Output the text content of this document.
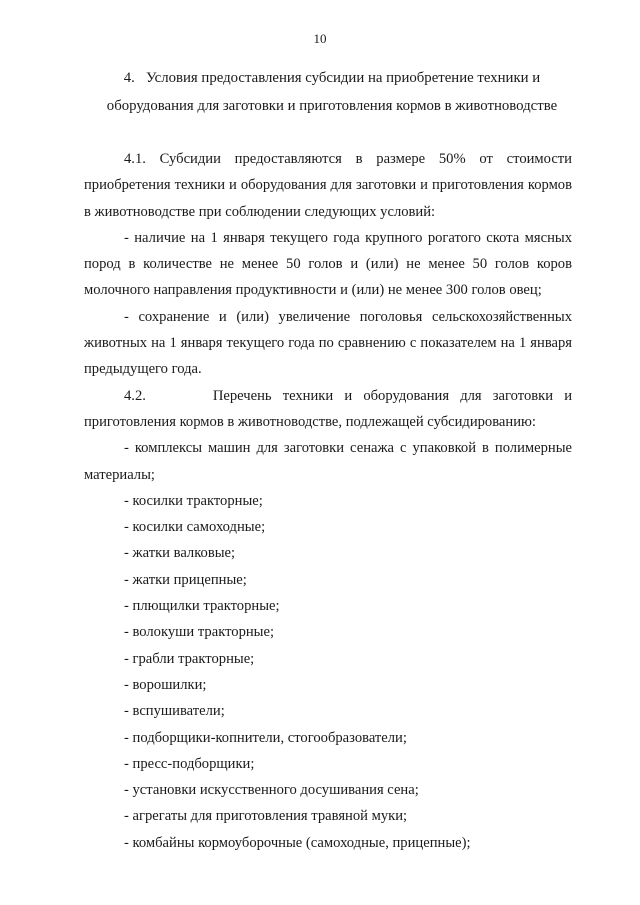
10
4.   Условия предоставления субсидии на приобретение техники и
оборудования для заготовки и приготовления кормов в животноводстве

4.1. Субсидии предоставляются в размере 50% от стоимости приобретения техники и оборудования для заготовки и приготовления кормов в животноводстве при соблюдении следующих условий:

- наличие на 1 января текущего года крупного рогатого скота мясных пород в количестве не менее 50 голов и (или) не менее 50 голов коров молочного направления продуктивности и (или) не менее 300 голов овец;

- сохранение и (или) увеличение поголовья сельскохозяйственных животных на 1 января текущего года по сравнению с показателем на 1 января предыдущего года.

4.2.      Перечень техники и оборудования для заготовки и приготовления кормов в животноводстве, подлежащей субсидированию:

- комплексы машин для заготовки сенажа с упаковкой в полимерные материалы;

- косилки тракторные;

- косилки самоходные;

- жатки валковые;

- жатки прицепные;

- плющилки тракторные;

- волокуши тракторные;

- грабли тракторные;

- ворошилки;

- вспушиватели;

- подборщики-копнители, стогообразователи;

- пресс-подборщики;

- установки искусственного досушивания сена;

- агрегаты для приготовления травяной муки;

- комбайны кормоуборочные (самоходные, прицепные);
